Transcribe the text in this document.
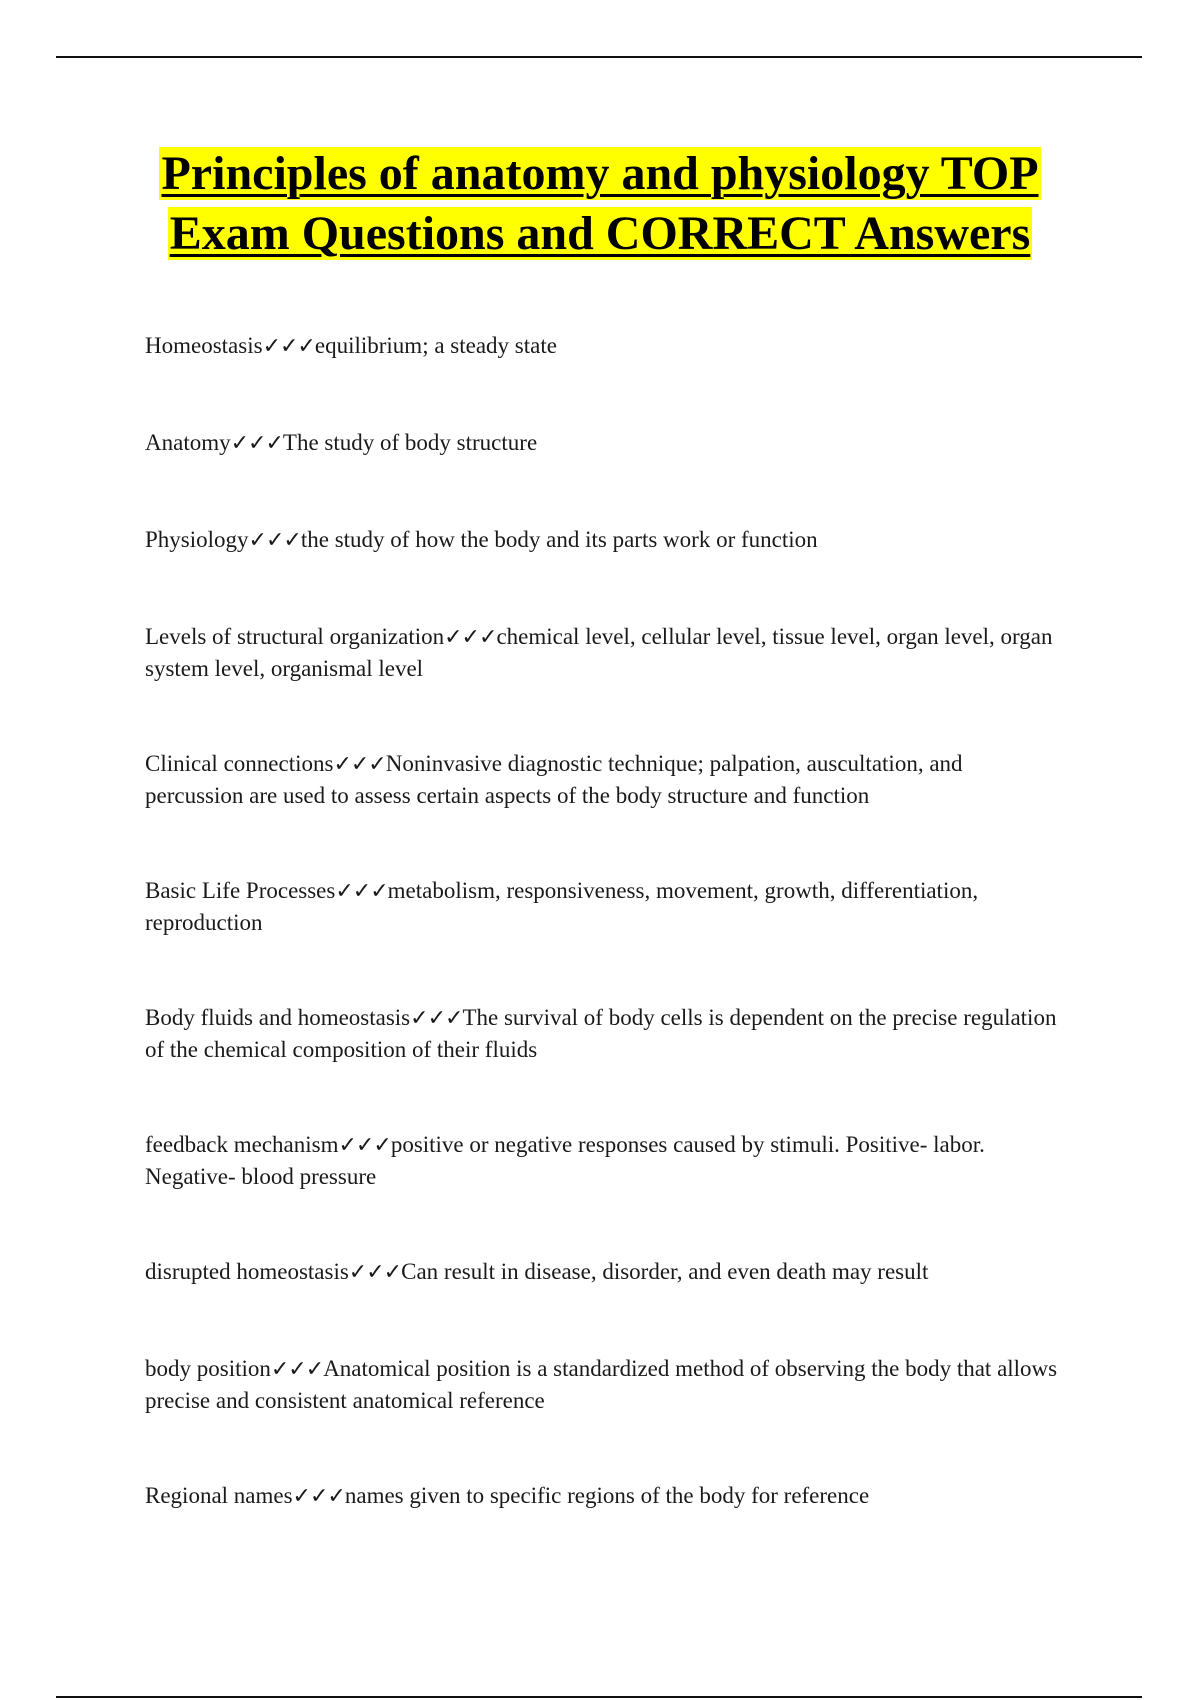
Principles of anatomy and physiology TOP Exam Questions and CORRECT Answers

Homeostasis✓✓✓equilibrium; a steady state

Anatomy✓✓✓The study of body structure

Physiology✓✓✓the study of how the body and its parts work or function

Levels of structural organization✓✓✓chemical level, cellular level, tissue level, organ level, organ system level, organismal level

Clinical connections✓✓✓Noninvasive diagnostic technique; palpation, auscultation, and percussion are used to assess certain aspects of the body structure and function

Basic Life Processes✓✓✓metabolism, responsiveness, movement, growth, differentiation, reproduction

Body fluids and homeostasis✓✓✓The survival of body cells is dependent on the precise regulation of the chemical composition of their fluids

feedback mechanism✓✓✓positive or negative responses caused by stimuli. Positive- labor. Negative- blood pressure

disrupted homeostasis✓✓✓Can result in disease, disorder, and even death may result

body position✓✓✓Anatomical position is a standardized method of observing the body that allows precise and consistent anatomical reference

Regional names✓✓✓names given to specific regions of the body for reference
